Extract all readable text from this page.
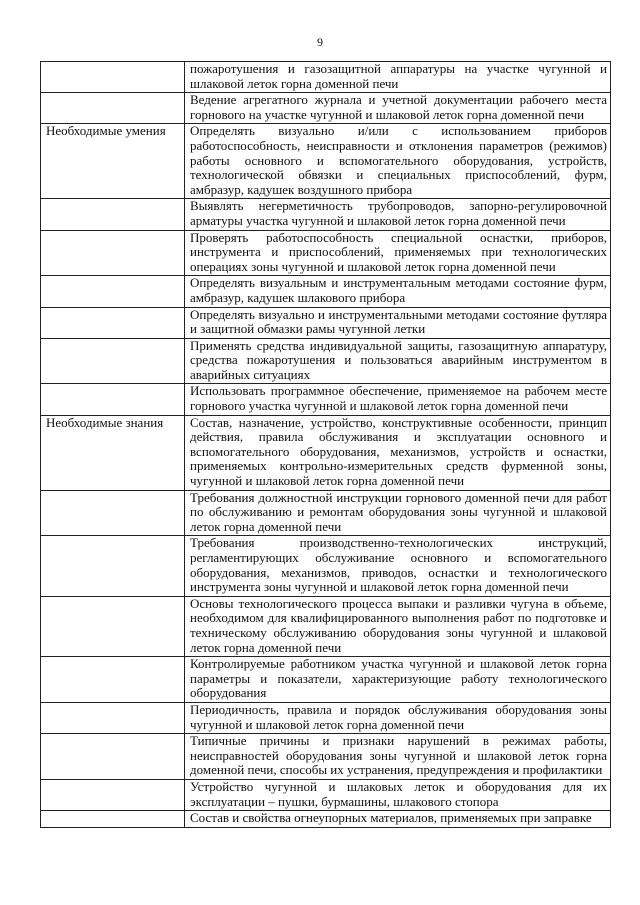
9
	пожаротушения и газозащитной аппаратуры на участке чугунной и шлаковой леток горна доменной печи
	Ведение агрегатного журнала и учетной документации рабочего места горнового на участке чугунной и шлаковой леток горна доменной печи
Необходимые умения	Определять визуально и/или с использованием приборов работоспособность, неисправности и отклонения параметров (режимов) работы основного и вспомогательного оборудования, устройств, технологической обвязки и специальных приспособлений, фурм, амбразур, кадушек воздушного прибора
	Выявлять негерметичность трубопроводов, запорно-регулировочной арматуры участка чугунной и шлаковой леток горна доменной печи
	Проверять работоспособность специальной оснастки, приборов, инструмента и приспособлений, применяемых при технологических операциях зоны чугунной и шлаковой леток горна доменной печи
	Определять визуальным и инструментальным методами состояние фурм, амбразур, кадушек шлакового прибора
	Определять визуально и инструментальными методами состояние футляра и защитной обмазки рамы чугунной летки
	Применять средства индивидуальной защиты, газозащитную аппаратуру, средства пожаротушения и пользоваться аварийным инструментом в аварийных ситуациях
	Использовать программное обеспечение, применяемое на рабочем месте горнового участка чугунной и шлаковой леток горна доменной печи
Необходимые знания	Состав, назначение, устройство, конструктивные особенности, принцип действия, правила обслуживания и эксплуатации основного и вспомогательного оборудования, механизмов, устройств и оснастки, применяемых контрольно-измерительных средств фурменной зоны, чугунной и шлаковой леток горна доменной печи
	Требования должностной инструкции горнового доменной печи для работ по обслуживанию и ремонтам оборудования зоны чугунной и шлаковой леток горна доменной печи
	Требования производственно-технологических инструкций, регламентирующих обслуживание основного и вспомогательного оборудования, механизмов, приводов, оснастки и технологического инструмента зоны чугунной и шлаковой леток горна доменной печи
	Основы технологического процесса выпаки и разливки чугуна в объеме, необходимом для квалифицированного выполнения работ по подготовке и техническому обслуживанию оборудования зоны чугунной и шлаковой леток горна доменной печи
	Контролируемые работником участка чугунной и шлаковой леток горна параметры и показатели, характеризующие работу технологического оборудования
	Периодичность, правила и порядок обслуживания оборудования зоны чугунной и шлаковой леток горна доменной печи
	Типичные причины и признаки нарушений в режимах работы, неисправностей оборудования зоны чугунной и шлаковой леток горна доменной печи, способы их устранения, предупреждения и профилактики
	Устройство чугунной и шлаковых леток и оборудования для их эксплуатации – пушки, бурмашины, шлакового стопора
	Состав и свойства огнеупорных материалов, применяемых при заправке
